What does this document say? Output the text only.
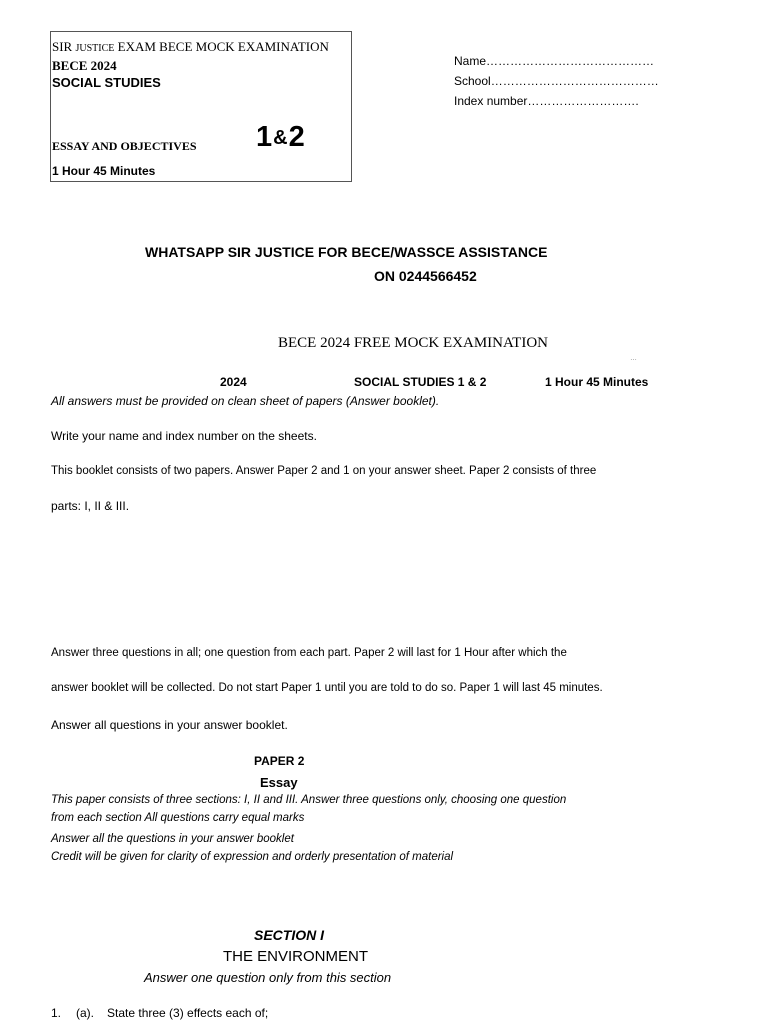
SIR JUSTICE EXAM BECE MOCK EXAMINATION
BECE 2024
SOCIAL STUDIES
ESSAY AND OBJECTIVES 1 &2
1 Hour 45 Minutes
Name……………………………………
School……………………………………
Index number……………………….
WHATSAPP SIR JUSTICE FOR BECE/WASSCE ASSISTANCE
ON 0244566452
BECE 2024 FREE MOCK EXAMINATION
…
2024	SOCIAL STUDIES 1 & 2	1 Hour 45 Minutes
All answers must be provided on clean sheet of papers (Answer booklet).
Write your name and index number on the sheets.
This booklet consists of two papers. Answer Paper 2 and 1 on your answer sheet. Paper 2 consists of three
parts: I, II & III.
Answer three questions in all; one question from each part. Paper 2 will last for 1 Hour after which the
answer booklet will be collected. Do not start Paper 1 until you are told to do so. Paper 1 will last 45 minutes.
Answer all questions in your answer booklet.
PAPER 2
Essay
This paper consists of three sections: I, II and III. Answer three questions only, choosing one question
from each section All questions carry equal marks
Answer all the questions in your answer booklet
Credit will be given for clarity of expression and orderly presentation of material
SECTION I
THE ENVIRONMENT
Answer one question only from this section
1. (a). State three (3) effects each of;
